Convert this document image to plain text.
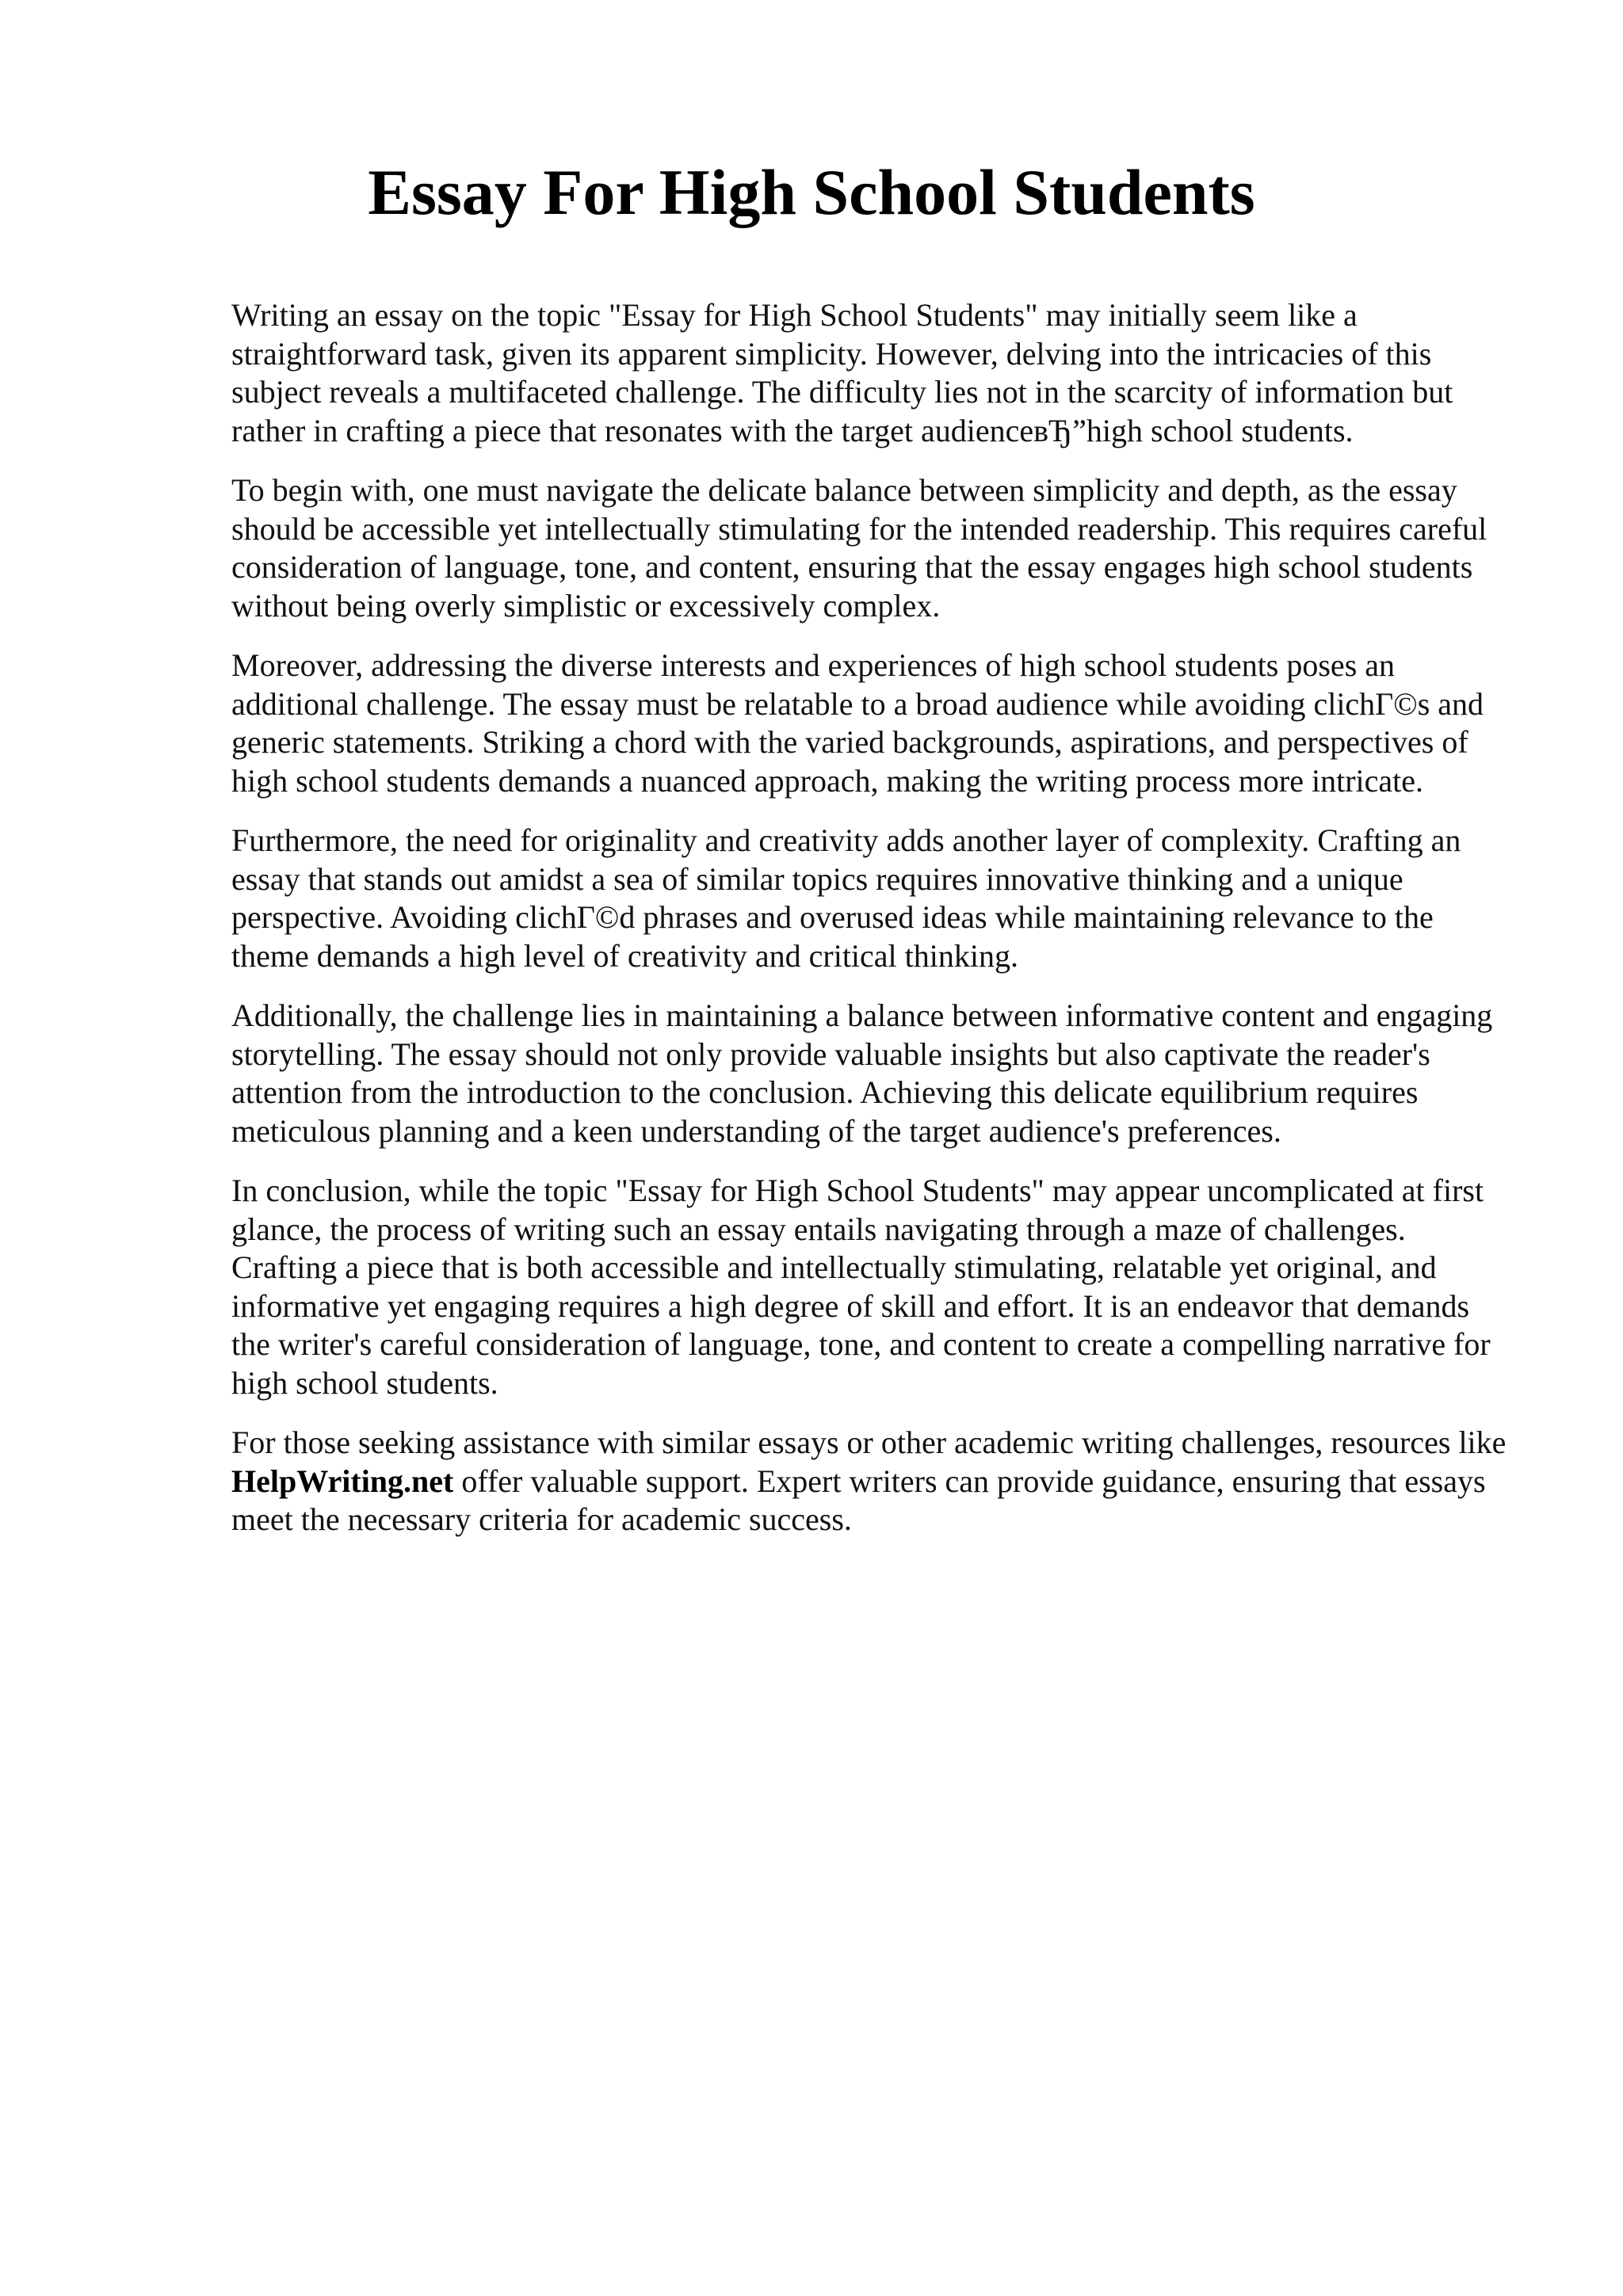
Essay For High School Students

Writing an essay on the topic "Essay for High School Students" may initially seem like a straightforward task, given its apparent simplicity. However, delving into the intricacies of this subject reveals a multifaceted challenge. The difficulty lies not in the scarcity of information but rather in crafting a piece that resonates with the target audienceвЂ”high school students.

To begin with, one must navigate the delicate balance between simplicity and depth, as the essay should be accessible yet intellectually stimulating for the intended readership. This requires careful consideration of language, tone, and content, ensuring that the essay engages high school students without being overly simplistic or excessively complex.

Moreover, addressing the diverse interests and experiences of high school students poses an additional challenge. The essay must be relatable to a broad audience while avoiding clichГ©s and generic statements. Striking a chord with the varied backgrounds, aspirations, and perspectives of high school students demands a nuanced approach, making the writing process more intricate.

Furthermore, the need for originality and creativity adds another layer of complexity. Crafting an essay that stands out amidst a sea of similar topics requires innovative thinking and a unique perspective. Avoiding clichГ©d phrases and overused ideas while maintaining relevance to the theme demands a high level of creativity and critical thinking.

Additionally, the challenge lies in maintaining a balance between informative content and engaging storytelling. The essay should not only provide valuable insights but also captivate the reader's attention from the introduction to the conclusion. Achieving this delicate equilibrium requires meticulous planning and a keen understanding of the target audience's preferences.

In conclusion, while the topic "Essay for High School Students" may appear uncomplicated at first glance, the process of writing such an essay entails navigating through a maze of challenges. Crafting a piece that is both accessible and intellectually stimulating, relatable yet original, and informative yet engaging requires a high degree of skill and effort. It is an endeavor that demands the writer's careful consideration of language, tone, and content to create a compelling narrative for high school students.

For those seeking assistance with similar essays or other academic writing challenges, resources like HelpWriting.net offer valuable support. Expert writers can provide guidance, ensuring that essays meet the necessary criteria for academic success.
